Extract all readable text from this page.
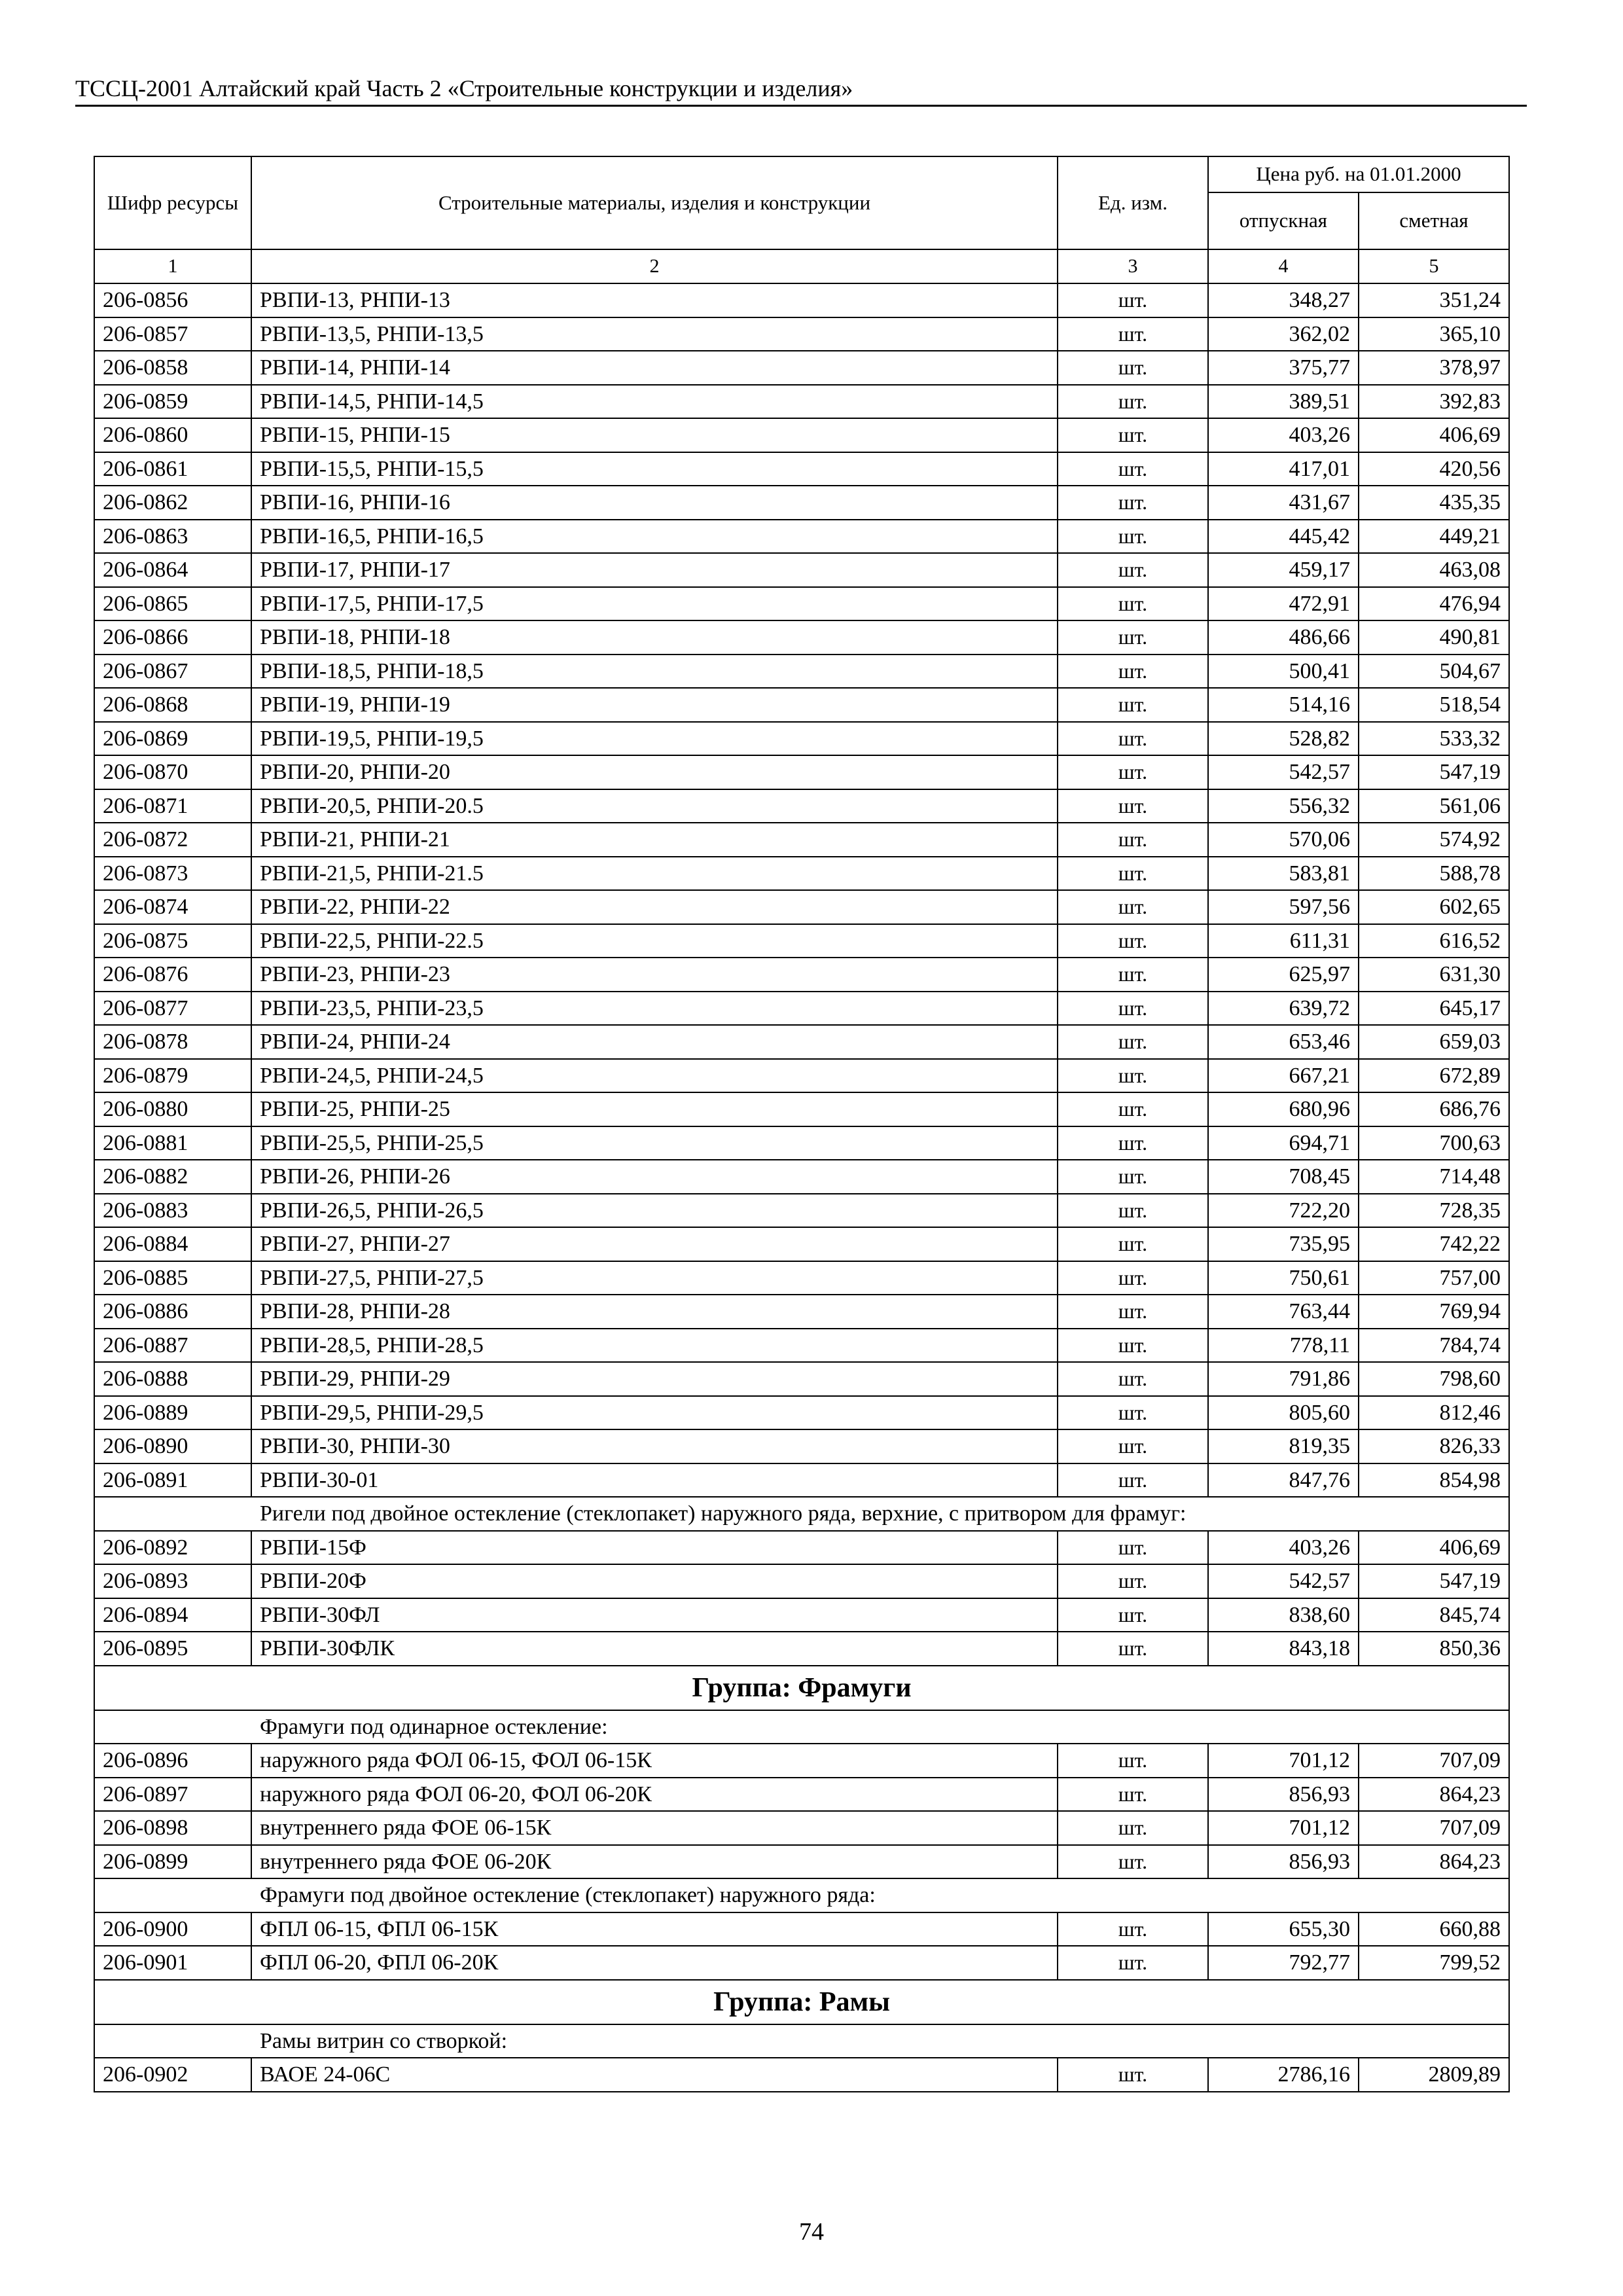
ТССЦ-2001 Алтайский край Часть 2 «Строительные конструкции и изделия»
Шифр ресурсы	Строительные материалы, изделия и конструкции	Ед. изм.	Цена руб. на 01.01.2000	
			отпускная	сметная
1	2	3	4	5
206-0856	РВПИ-13, РНПИ-13	шт.	348,27	351,24
206-0857	РВПИ-13,5, РНПИ-13,5	шт.	362,02	365,10
206-0858	РВПИ-14, РНПИ-14	шт.	375,77	378,97
206-0859	РВПИ-14,5, РНПИ-14,5	шт.	389,51	392,83
206-0860	РВПИ-15, РНПИ-15	шт.	403,26	406,69
206-0861	РВПИ-15,5, РНПИ-15,5	шт.	417,01	420,56
206-0862	РВПИ-16, РНПИ-16	шт.	431,67	435,35
206-0863	РВПИ-16,5, РНПИ-16,5	шт.	445,42	449,21
206-0864	РВПИ-17, РНПИ-17	шт.	459,17	463,08
206-0865	РВПИ-17,5, РНПИ-17,5	шт.	472,91	476,94
206-0866	РВПИ-18, РНПИ-18	шт.	486,66	490,81
206-0867	РВПИ-18,5, РНПИ-18,5	шт.	500,41	504,67
206-0868	РВПИ-19, РНПИ-19	шт.	514,16	518,54
206-0869	РВПИ-19,5, РНПИ-19,5	шт.	528,82	533,32
206-0870	РВПИ-20, РНПИ-20	шт.	542,57	547,19
206-0871	РВПИ-20,5, РНПИ-20.5	шт.	556,32	561,06
206-0872	РВПИ-21, РНПИ-21	шт.	570,06	574,92
206-0873	РВПИ-21,5, РНПИ-21.5	шт.	583,81	588,78
206-0874	РВПИ-22, РНПИ-22	шт.	597,56	602,65
206-0875	РВПИ-22,5, РНПИ-22.5	шт.	611,31	616,52
206-0876	РВПИ-23, РНПИ-23	шт.	625,97	631,30
206-0877	РВПИ-23,5, РНПИ-23,5	шт.	639,72	645,17
206-0878	РВПИ-24, РНПИ-24	шт.	653,46	659,03
206-0879	РВПИ-24,5, РНПИ-24,5	шт.	667,21	672,89
206-0880	РВПИ-25, РНПИ-25	шт.	680,96	686,76
206-0881	РВПИ-25,5, РНПИ-25,5	шт.	694,71	700,63
206-0882	РВПИ-26, РНПИ-26	шт.	708,45	714,48
206-0883	РВПИ-26,5, РНПИ-26,5	шт.	722,20	728,35
206-0884	РВПИ-27, РНПИ-27	шт.	735,95	742,22
206-0885	РВПИ-27,5, РНПИ-27,5	шт.	750,61	757,00
206-0886	РВПИ-28, РНПИ-28	шт.	763,44	769,94
206-0887	РВПИ-28,5, РНПИ-28,5	шт.	778,11	784,74
206-0888	РВПИ-29, РНПИ-29	шт.	791,86	798,60
206-0889	РВПИ-29,5, РНПИ-29,5	шт.	805,60	812,46
206-0890	РВПИ-30, РНПИ-30	шт.	819,35	826,33
206-0891	РВПИ-30-01	шт.	847,76	854,98
Ригели под двойное остекление (стеклопакет) наружного ряда, верхние, с притвором для фрамуг:				
206-0892	РВПИ-15Ф	шт.	403,26	406,69
206-0893	РВПИ-20Ф	шт.	542,57	547,19
206-0894	РВПИ-30ФЛ	шт.	838,60	845,74
206-0895	РВПИ-30ФЛК	шт.	843,18	850,36
Группа: Фрамуги				
Фрамуги под одинарное остекление:				
206-0896	наружного ряда ФОЛ 06-15, ФОЛ 06-15К	шт.	701,12	707,09
206-0897	наружного ряда ФОЛ 06-20, ФОЛ 06-20К	шт.	856,93	864,23
206-0898	внутреннего ряда ФОЕ 06-15К	шт.	701,12	707,09
206-0899	внутреннего ряда ФОЕ 06-20К	шт.	856,93	864,23
Фрамуги под двойное остекление (стеклопакет) наружного ряда:				
206-0900	ФПЛ 06-15, ФПЛ 06-15К	шт.	655,30	660,88
206-0901	ФПЛ 06-20, ФПЛ 06-20К	шт.	792,77	799,52
Группа: Рамы				
Рамы витрин со створкой:				
206-0902	ВАОЕ 24-06С	шт.	2786,16	2809,89
74
